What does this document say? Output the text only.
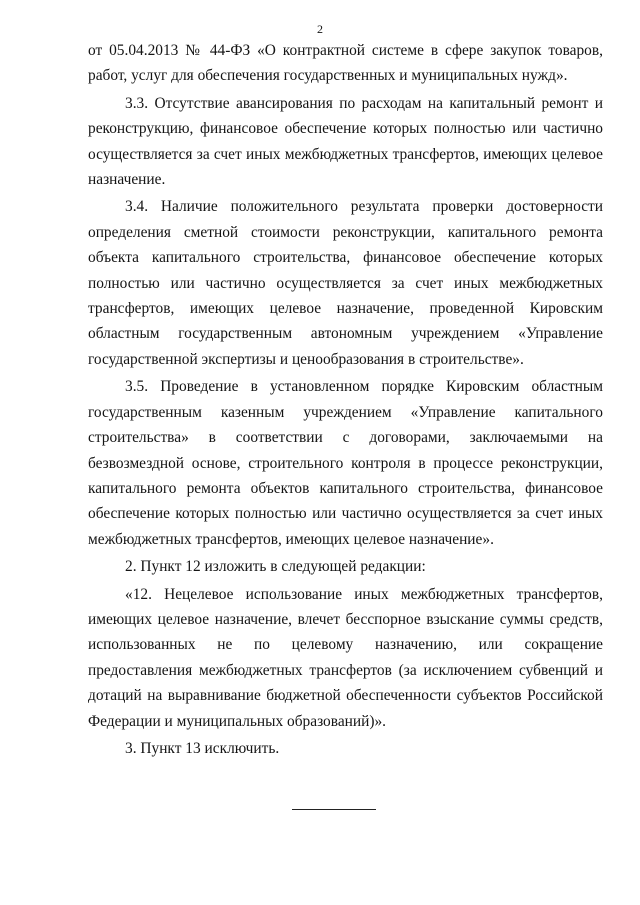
2

от 05.04.2013 № 44-ФЗ «О контрактной системе в сфере закупок товаров, работ, услуг для обеспечения государственных и муниципальных нужд».

3.3. Отсутствие авансирования по расходам на капитальный ремонт и реконструкцию, финансовое обеспечение которых полностью или частично осуществляется за счет иных межбюджетных трансфертов, имеющих целевое назначение.

3.4. Наличие положительного результата проверки достоверности определения сметной стоимости реконструкции, капитального ремонта объекта капитального строительства, финансовое обеспечение которых полностью или частично осуществляется за счет иных межбюджетных трансфертов, имеющих целевое назначение, проведенной Кировским областным государственным автономным учреждением «Управление государственной экспертизы и ценообразования в строительстве».

3.5. Проведение в установленном порядке Кировским областным государственным казенным учреждением «Управление капитального строительства» в соответствии с договорами, заключаемыми на безвозмездной основе, строительного контроля в процессе реконструкции, капитального ремонта объектов капитального строительства, финансовое обеспечение которых полностью или частично осуществляется за счет иных межбюджетных трансфертов, имеющих целевое назначение».

2. Пункт 12 изложить в следующей редакции:

«12. Нецелевое использование иных межбюджетных трансфертов, имеющих целевое назначение, влечет бесспорное взыскание суммы средств, использованных не по целевому назначению, или сокращение предоставления межбюджетных трансфертов (за исключением субвенций и дотаций на выравнивание бюджетной обеспеченности субъектов Российской Федерации и муниципальных образований)».

3. Пункт 13 исключить.
